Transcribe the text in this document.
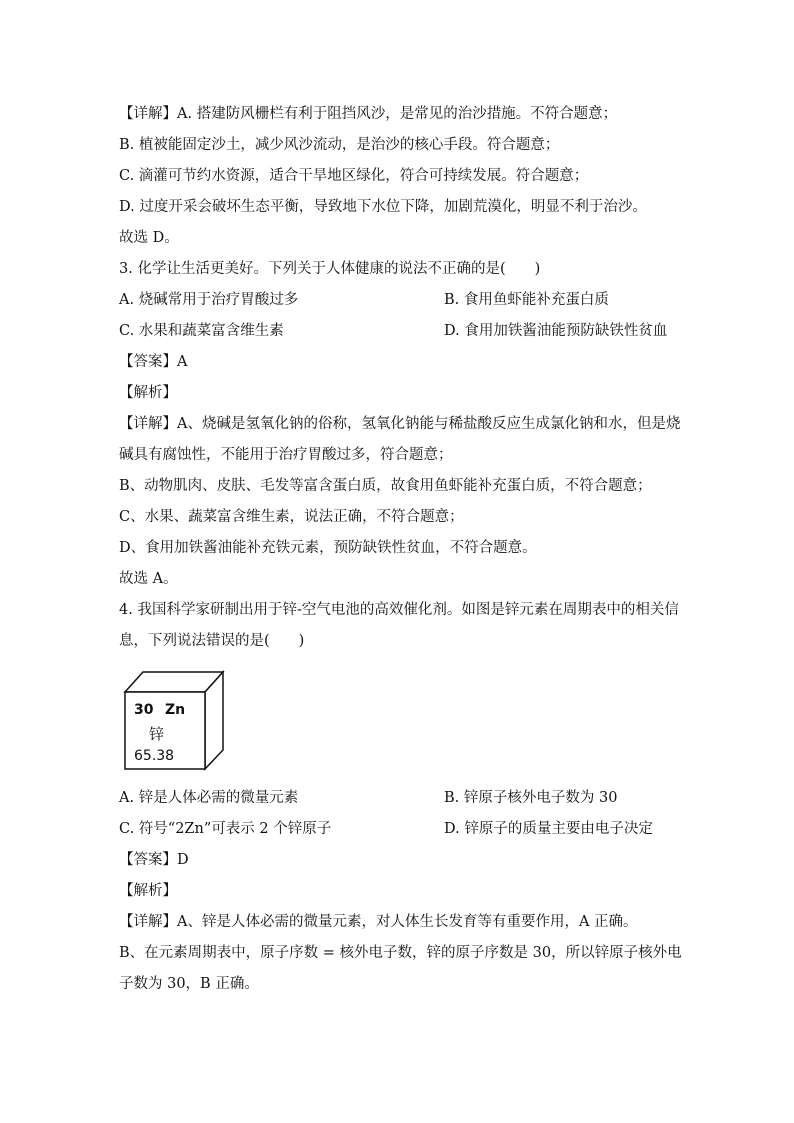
【详解】A. 搭建防风栅栏有利于阻挡风沙，是常见的治沙措施。不符合题意；
B. 植被能固定沙土，减少风沙流动，是治沙的核心手段。符合题意；
C. 滴灌可节约水资源，适合干旱地区绿化，符合可持续发展。符合题意；
D. 过度开采会破坏生态平衡，导致地下水位下降，加剧荒漠化，明显不利于治沙。
故选 D。
3. 化学让生活更美好。下列关于人体健康的说法不正确的是(　　)
A. 烧碱常用于治疗胃酸过多	B. 食用鱼虾能补充蛋白质
C. 水果和蔬菜富含维生素	D. 食用加铁酱油能预防缺铁性贫血
【答案】A
【解析】
【详解】A、烧碱是氢氧化钠的俗称，氢氧化钠能与稀盐酸反应生成氯化钠和水，但是烧
碱具有腐蚀性，不能用于治疗胃酸过多，符合题意；
B、动物肌肉、皮肤、毛发等富含蛋白质，故食用鱼虾能补充蛋白质，不符合题意；
C、水果、蔬菜富含维生素，说法正确，不符合题意；
D、食用加铁酱油能补充铁元素，预防缺铁性贫血，不符合题意。
故选 A。
4. 我国科学家研制出用于锌-空气电池的高效催化剂。如图是锌元素在周期表中的相关信
息，下列说法错误的是(　　)
30 Zn
锌
65.38
A. 锌是人体必需的微量元素	B. 锌原子核外电子数为 30
C. 符号“2Zn”可表示 2 个锌原子	D. 锌原子的质量主要由电子决定
【答案】D
【解析】
【详解】A、锌是人体必需的微量元素，对人体生长发育等有重要作用，A 正确。
B、在元素周期表中，原子序数 = 核外电子数，锌的原子序数是 30，所以锌原子核外电
子数为 30，B 正确。
